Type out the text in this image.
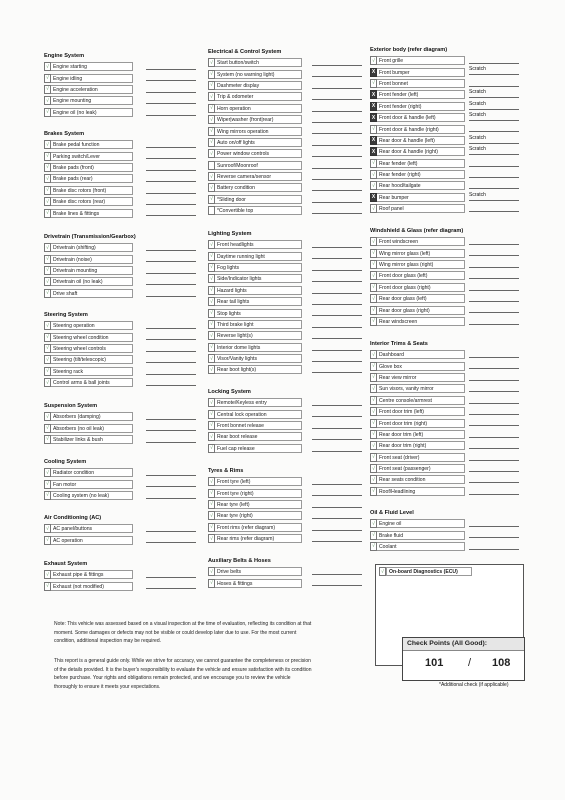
Engine System
√ Engine starting
√ Engine idling
√ Engine acceleration
√ Engine mounting
√ Engine oil (no leak)
Brakes System
√ Brake pedal function
√ Parking switch/Lever
√ Brake pads (front)
√ Brake pads (rear)
√ Brake disc rotors (front)
√ Brake disc rotors (rear)
√ Brake lines & fittings
Drivetrain (Transmission/Gearbox)
√ Drivetrain (shifting)
√ Drivetrain (noise)
√ Drivetrain mounting
√ Drivetrain oil (no leak)
√ Drive shaft
Steering System
√ Steering operation
√ Steering wheel condition
√ Steering wheel controls
√ Steering (tilt/telescopic)
√ Steering rack
√ Control arms & ball joints
Suspension System
√ Absorbers (damping)
√ Absorbers (no oil leak)
√ Stabilizer links & bush
Cooling System
√ Radiator condition
√ Fan motor
√ Cooling system (no leak)
Air Conditioning (AC)
√ AC panel/buttons
√ AC operation
Exhaust System
√ Exhaust pipe & fittings
√ Exhaust (not modified)
Electrical & Control System
√ Start button/switch
√ System (no warning light)
√ Dashmeter display
√ Trip & odometer
√ Horn operation
√ Wiper|washer (front|rear)
√ Wing mirrors operation
√ Auto on/off lights
√ Power window controls
Sunroof/Moonroof
√ Reverse camera/sensor
√ Battery condition
√ *Sliding door
*Convertible top
Lighting System
√ Front headlights
√ Daytime running light
√ Fog lights
√ Side/Indicator lights
√ Hazard lights
√ Rear tail lights
√ Stop lights
√ Third brake light
√ Reverse light(s)
√ Interior dome lights
√ Visor/Vanity lights
√ Rear boot light(s)
Locking System
√ Remote/Keyless entry
√ Central lock operation
√ Front bonnet release
√ Rear boot release
√ Fuel cap release
Tyres & Rims
√ Front tyre (left)
√ Front tyre (right)
√ Rear tyre (left)
√ Rear tyre (right)
√ Front rims (refer diagram)
√ Rear rims (refer diagram)
Auxiliary Belts & Hoses
√ Drive belts
√ Hoses & fittings
Exterior body (refer diagram)
√ Front grille
X Front bumper
Scratch
√ Front bonnet
X Front fender (left)
Scratch
X Front fender (right)
Scratch
X Front door & handle (left)
Scratch
√ Front door & handle (right)
X Rear door & handle (left)
Scratch
X Rear door & handle (right)
Scratch
√ Rear fender (left)
√ Rear fender (right)
√ Rear hood/tailgate
X Rear bumper
Scratch
√ Roof panel
Windshield & Glass (refer diagram)
√ Front windscreen
√ Wing mirror glass (left)
√ Wing mirror glass (right)
√ Front door glass (left)
√ Front door glass (right)
√ Rear door glass (left)
√ Rear door glass (right)
√ Rear windscreen
Interior Trims & Seats
√ Dashboard
√ Glove box
√ Rear view mirror
√ Sun visors, vanity mirror
√ Centre console/armrest
√ Front door trim (left)
√ Front door trim (right)
√ Rear door trim (left)
√ Rear door trim (right)
√ Front seat (driver)
√ Front seat (passenger)
√ Rear seats condition
√ Roof/Headlining
Oil & Fluid Level
√ Engine oil
√ Brake fluid
√ Coolant
√	On-board Diagnostics (ECU)
Note: This vehicle was assessed based on a visual inspection at the time of evaluation, reflecting its condition at that
moment. Some damages or defects may not be visible or could develop later due to use. For the most current
condition, additional inspection may be required.
This report is a general guide only. While we strive for accuracy, we cannot guarantee the completeness or precision
of the details provided. It is the buyer's responsibility to evaluate the vehicle and ensure satisfaction with its condition
before purchase. Your rights and obligations remain protected, and we encourage you to review the vehicle
thoroughly to ensure it meets your expectations.
Check Points (All Good):
101 / 108
*Additional check (if applicable)
